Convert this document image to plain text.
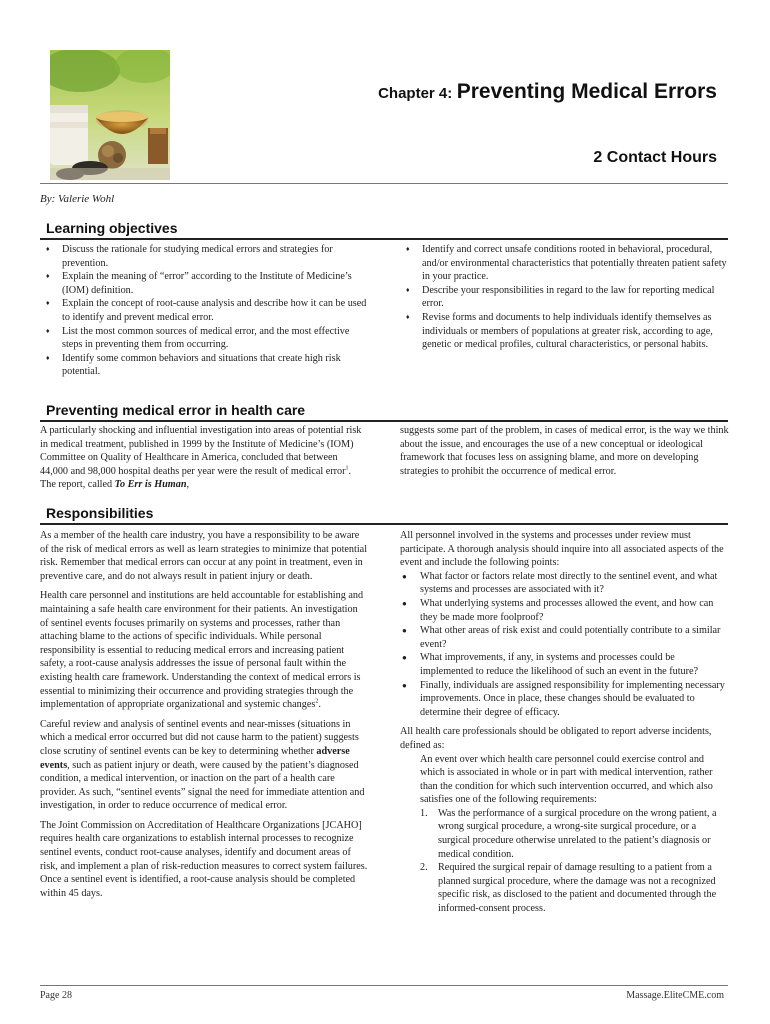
Chapter 4: Preventing Medical Errors
2 Contact Hours
By: Valerie Wohl
Learning objectives
♦ Discuss the rationale for studying medical errors and strategies for prevention.
♦ Explain the meaning of “error” according to the Institute of Medicine’s (IOM) definition.
♦ Explain the concept of root-cause analysis and describe how it can be used to identify and prevent medical error.
♦ List the most common sources of medical error, and the most effective steps in preventing them from occurring.
♦ Identify some common behaviors and situations that create high risk potential.
♦ Identify and correct unsafe conditions rooted in behavioral, procedural, and/or environmental characteristics that potentially threaten patient safety in your practice.
♦ Describe your responsibilities in regard to the law for reporting medical error.
♦ Revise forms and documents to help individuals identify themselves as individuals or members of populations at greater risk, according to age, genetic or medical profiles, cultural characteristics, or personal habits.
Preventing medical error in health care

A particularly shocking and influential investigation into areas of potential risk in medical treatment, published in 1999 by the Institute of Medicine’s (IOM) Committee on Quality of Healthcare in America, concluded that between 44,000 and 98,000 hospital deaths per year were the result of medical error$^1$. The report, called To Err is Human,

suggests some part of the problem, in cases of medical error, is the way we think about the issue, and encourages the use of a new conceptual or ideological framework that focuses less on assigning blame, and more on developing strategies to prohibit the occurrence of medical error.

Responsibilities

As a member of the health care industry, you have a responsibility to be aware of the risk of medical errors as well as learn strategies to minimize that potential risk. Remember that medical errors can occur at any point in treatment, even in preventive care, and do not always result in patient injury or death.

Health care personnel and institutions are held accountable for establishing and maintaining a safe health care environment for their patients. An investigation of sentinel events focuses primarily on systems and processes, rather than attaching blame to the actions of specific individuals. While personal responsibility is essential to reducing medical errors and increasing patient safety, a root-cause analysis addresses the issue of personal fault within the existing health care framework. Understanding the context of medical errors is essential to minimizing their occurrence and providing strategies through the implementation of appropriate organizational and systemic changes$^2$.

Careful review and analysis of sentinel events and near-misses (situations in which a medical error occurred but did not cause harm to the patient) suggests close scrutiny of sentinel events can be key to determining whether adverse events, such as patient injury or death, were caused by the patient’s diagnosed condition, a medical intervention, or inaction on the part of a health care provider. As such, “sentinel events” signal the need for immediate attention and investigation, in order to reduce occurrence of medical error.

The Joint Commission on Accreditation of Healthcare Organizations [JCAHO] requires health care organizations to establish internal processes to recognize sentinel events, conduct root-cause analyses, identify and document areas of risk, and implement a plan of risk-reduction measures to correct system failures. Once a sentinel event is identified, a root-cause analysis should be completed within 45 days.

All personnel involved in the systems and processes under review must participate. A thorough analysis should inquire into all associated aspects of the event and include the following points:

● What factor or factors relate most directly to the sentinel event, and what systems and processes are associated with it?
● What underlying systems and processes allowed the event, and how can they be made more foolproof?
● What other areas of risk exist and could potentially contribute to a similar event?
● What improvements, if any, in systems and processes could be implemented to reduce the likelihood of such an event in the future?
● Finally, individuals are assigned responsibility for implementing necessary improvements. Once in place, these changes should be evaluated to determine their degree of efficacy.

All health care professionals should be obligated to report adverse incidents, defined as:

An event over which health care personnel could exercise control and which is associated in whole or in part with medical intervention, rather than the condition for which such intervention occurred, and which also satisfies one of the following requirements:

1. Was the performance of a surgical procedure on the wrong patient, a wrong surgical procedure, a wrong-site surgical procedure, or a surgical procedure otherwise unrelated to the patient’s diagnosis or medical condition.
2. Required the surgical repair of damage resulting to a patient from a planned surgical procedure, where the damage was not a recognized specific risk, as disclosed to the patient and documented through the informed-consent process.
Page 28	Massage.EliteCME.com
